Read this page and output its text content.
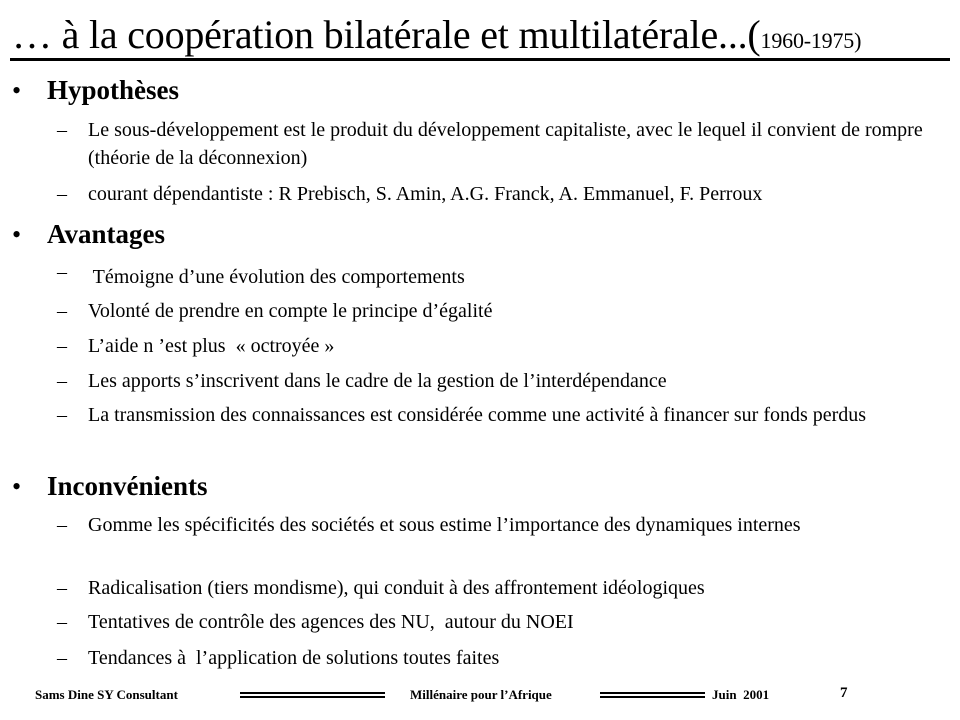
… à la coopération bilatérale et multilatérale...(1960-1975)
• Hypothèses
– Le sous-développement est le produit du développement capitaliste, avec le lequel il convient de rompre (théorie de la déconnexion)
– courant dépendantiste : R Prebisch, S. Amin, A.G. Franck, A. Emmanuel, F. Perroux
• Avantages
– Témoigne d’une évolution des comportements
– Volonté de prendre en compte le principe d’égalité
– L’aide n ’est plus  « octroyée »
– Les apports s’inscrivent dans le cadre de la gestion de l’interdépendance
– La transmission des connaissances est considérée comme une activité à financer sur fonds perdus
• Inconvénients
– Gomme les spécificités des sociétés et sous estime l’importance des dynamiques internes
– Radicalisation (tiers mondisme), qui conduit à des affrontement idéologiques
– Tentatives de contrôle des agences des NU,  autour du NOEI
– Tendances à  l’application de solutions toutes faites
Sams Dine SY Consultant	Millénaire pour l’Afrique	Juin  2001	7
